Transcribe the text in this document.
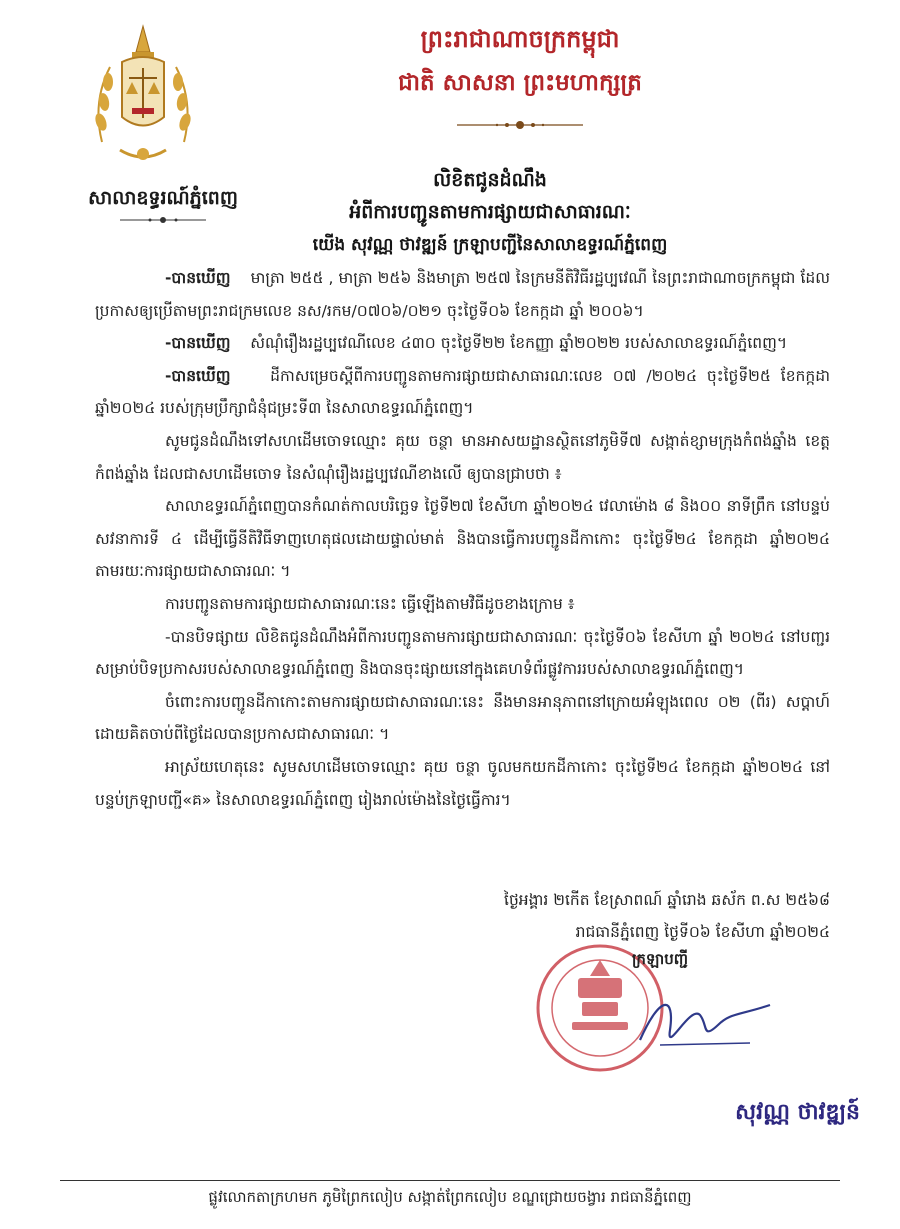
សាលាឧទ្ធរណ៍ភ្នំពេញ
ព្រះរាជាណាចក្រកម្ពុជា
ជាតិ សាសនា ព្រះមហាក្សត្រ
លិខិតជូនដំណឹង
អំពីការបញ្ជូនតាមការផ្សាយជាសាធារណៈ
យើង សុវណ្ណ ថាវឌ្ឍន៍ ក្រឡាបញ្ជីនៃសាលាឧទ្ធរណ៍ភ្នំពេញ

-បានឃើញ មាត្រា ២៥៥ , មាត្រា ២៥៦ និងមាត្រា ២៥៧ នៃក្រមនីតិវិធីរដ្ឋប្បវេណី នៃព្រះរាជាណាចក្រកម្ពុជា ដែលប្រកាសឲ្យប្រើតាមព្រះរាជក្រមលេខ នស/រកម/០៧០៦/០២១ ចុះថ្ងៃទី០៦ ខែកក្កដា ឆ្នាំ ២០០៦។

-បានឃើញ សំណុំរឿងរដ្ឋប្បវេណីលេខ ៤៣០ ចុះថ្ងៃទី២២ ខែកញ្ញា ឆ្នាំ២០២២ របស់សាលាឧទ្ធរណ៍ភ្នំពេញ។

-បានឃើញ	ដីកាសម្រេចស្តីពីការបញ្ជូនតាមការផ្សាយជាសាធារណៈលេខ ០៧ /២០២៤ ចុះថ្ងៃទី២៥ ខែកក្កដា ឆ្នាំ២០២៤ របស់ក្រុមប្រឹក្សាជំនុំជម្រះទី៣ នៃសាលាឧទ្ធរណ៍ភ្នំពេញ។

សូមជូនដំណឹងទៅសហដើមចោទឈ្មោះ គុយ ចន្ថា មានអាសយដ្ឋានស្ថិតនៅភូមិទី៧ សង្កាត់ខ្សាមក្រុងកំពង់ឆ្នាំង ខេត្តកំពង់ឆ្នាំង ដែលជាសហដើមចោទ នៃសំណុំរឿងរដ្ឋប្បវេណីខាងលើ ឲ្យបានជ្រាបថា ៖

សាលាឧទ្ធរណ៍ភ្នំពេញបានកំណត់កាលបរិច្ឆេទ ថ្ងៃទី២៧ ខែសីហា ឆ្នាំ២០២៤ វេលាម៉ោង ៨ និង០០ នាទីព្រឹក នៅបន្ទប់សវនាការទី ៤ ដើម្បីធ្វើនីតិវិធីទាញហេតុផលដោយផ្ទាល់មាត់ និងបានធ្វើការបញ្ជូនដីកាកោះ ចុះថ្ងៃទី២៤ ខែកក្កដា ឆ្នាំ២០២៤ តាមរយៈការផ្សាយជាសាធារណៈ ។

ការបញ្ជូនតាមការផ្សាយជាសាធារណៈនេះ ធ្វើឡើងតាមវិធីដូចខាងក្រោម ៖

-បានបិទផ្សាយ លិខិតជូនដំណឹងអំពីការបញ្ជូនតាមការផ្សាយជាសាធារណៈ ចុះថ្ងៃទី០៦ ខែសីហា ឆ្នាំ ២០២៤ នៅបញ្ជរសម្រាប់បិទប្រកាសរបស់សាលាឧទ្ធរណ៍ភ្នំពេញ និងបានចុះផ្សាយនៅក្នុងគេហទំព័រផ្លូវការរបស់សាលាឧទ្ធរណ៍ភ្នំពេញ។

ចំពោះការបញ្ជូនដីកាកោះតាមការផ្សាយជាសាធារណៈនេះ នឹងមានអានុភាពនៅក្រោយអំឡុងពេល ០២ (ពីរ) សប្តាហ៍ ដោយគិតចាប់ពីថ្ងៃដែលបានប្រកាសជាសាធារណៈ ។

អាស្រ័យហេតុនេះ សូមសហដើមចោទឈ្មោះ គុយ ចន្ថា ចូលមកយកដីកាកោះ ចុះថ្ងៃទី២៤ ខែកក្កដា ឆ្នាំ២០២៤ នៅបន្ទប់ក្រឡាបញ្ជី«គ» នៃសាលាឧទ្ធរណ៍ភ្នំពេញ រៀងរាល់ម៉ោងនៃថ្ងៃធ្វើការ។

ថ្ងៃអង្គារ ២កើត ខែស្រាពណ៍ ឆ្នាំរោង ឆស័ក ព.ស ២៥៦៨
រាជធានីភ្នំពេញ ថ្ងៃទី០៦ ខែសីហា ឆ្នាំ២០២៤
ក្រឡាបញ្ជី
សុវណ្ណ ថាវឌ្ឍន៍
ផ្លូវលោកតាក្រហមក ភូមិព្រៃកលៀប សង្កាត់ព្រែកលៀប ខណ្ឌជ្រោយចង្វារ រាជធានីភ្នំពេញ
